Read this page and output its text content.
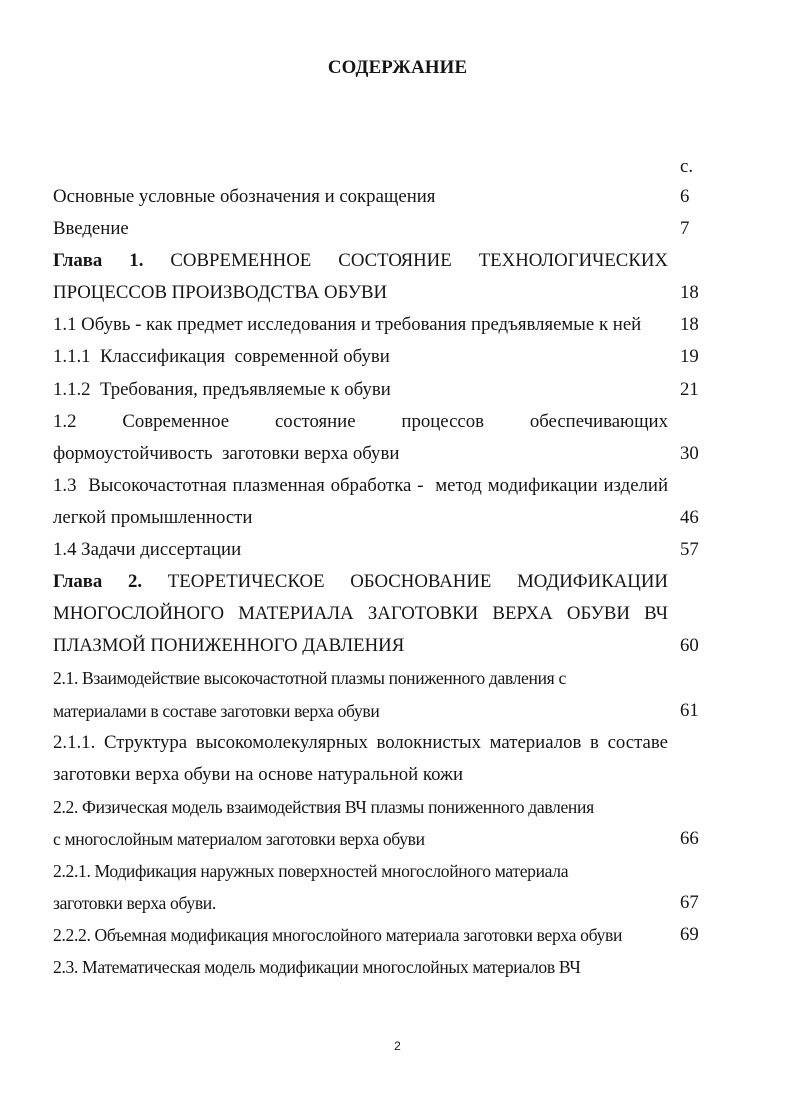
СОДЕРЖАНИЕ
с.
Основные условные обозначения и сокращения	6
Введение	7
Глава 1. СОВРЕМЕННОЕ СОСТОЯНИЕ ТЕХНОЛОГИЧЕСКИХ
ПРОЦЕССОВ ПРОИЗВОДСТВА ОБУВИ	18
1.1 Обувь - как предмет исследования и требования предъявляемые к ней	18
1.1.1  Классификация  современной обуви	19
1.1.2  Требования, предъявляемые к обуви	21
1.2 Современное состояние процессов обеспечивающих
формоустойчивость  заготовки верха обуви	30
1.3  Высокочастотная плазменная обработка -  метод модификации изделий
легкой промышленности	46
1.4 Задачи диссертации	57
Глава 2. ТЕОРЕТИЧЕСКОЕ ОБОСНОВАНИЕ МОДИФИКАЦИИ
МНОГОСЛОЙНОГО МАТЕРИАЛА ЗАГОТОВКИ ВЕРХА ОБУВИ ВЧ
ПЛАЗМОЙ ПОНИЖЕННОГО ДАВЛЕНИЯ	60
2.1. Взаимодействие высокочастотной плазмы пониженного давления с
материалами в составе заготовки верха обуви	61
2.1.1. Структура высокомолекулярных волокнистых материалов в составе
заготовки верха обуви на основе натуральной кожи
2.2. Физическая модель взаимодействия ВЧ плазмы пониженного давления
с многослойным материалом заготовки верха обуви	66
2.2.1. Модификация наружных поверхностей многослойного материала
заготовки верха обуви.	67
2.2.2. Объемная модификация многослойного материала заготовки верха обуви	69
2.3. Математическая модель модификации многослойных материалов ВЧ
2
